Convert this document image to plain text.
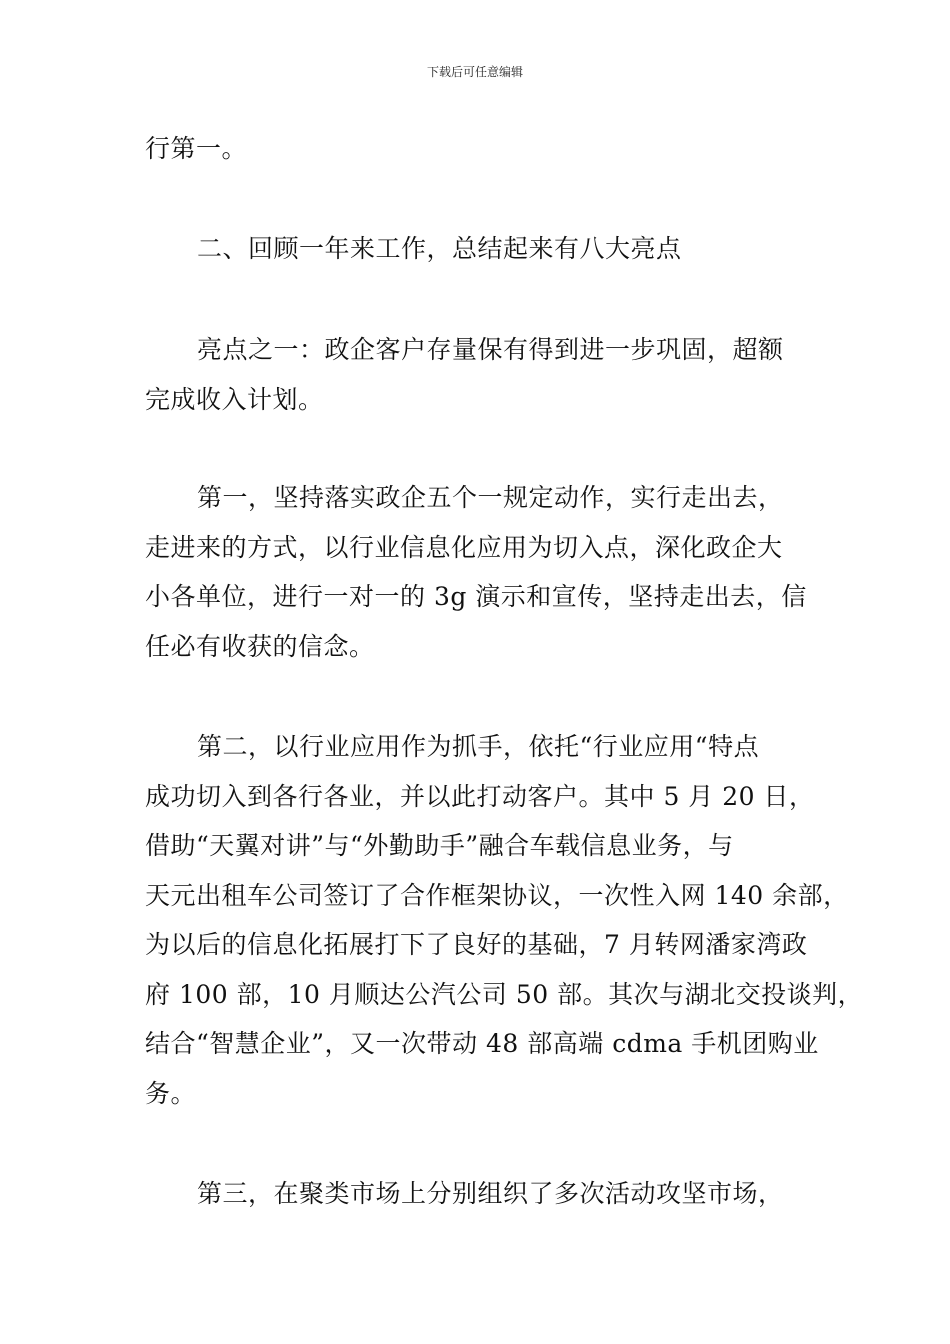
下载后可任意编辑
行第一。
二、回顾一年来工作，总结起来有八大亮点
亮点之一：政企客户存量保有得到进一步巩固，超额
完成收入计划。
第一，坚持落实政企五个一规定动作，实行走出去，
走进来的方式，以行业信息化应用为切入点，深化政企大
小各单位，进行一对一的 3g 演示和宣传，坚持走出去，信
任必有收获的信念。
第二，以行业应用作为抓手，依托“行业应用“特点
成功切入到各行各业，并以此打动客户。其中 5 月 20 日，
借助“天翼对讲”与“外勤助手”融合车载信息业务，与
天元出租车公司签订了合作框架协议，一次性入网 140 余部，
为以后的信息化拓展打下了良好的基础，7 月转网潘家湾政
府 100 部，10 月顺达公汽公司 50 部。其次与湖北交投谈判，
结合“智慧企业”，又一次带动 48 部高端 cdma 手机团购业
务。
第三，在聚类市场上分别组织了多次活动攻坚市场，
